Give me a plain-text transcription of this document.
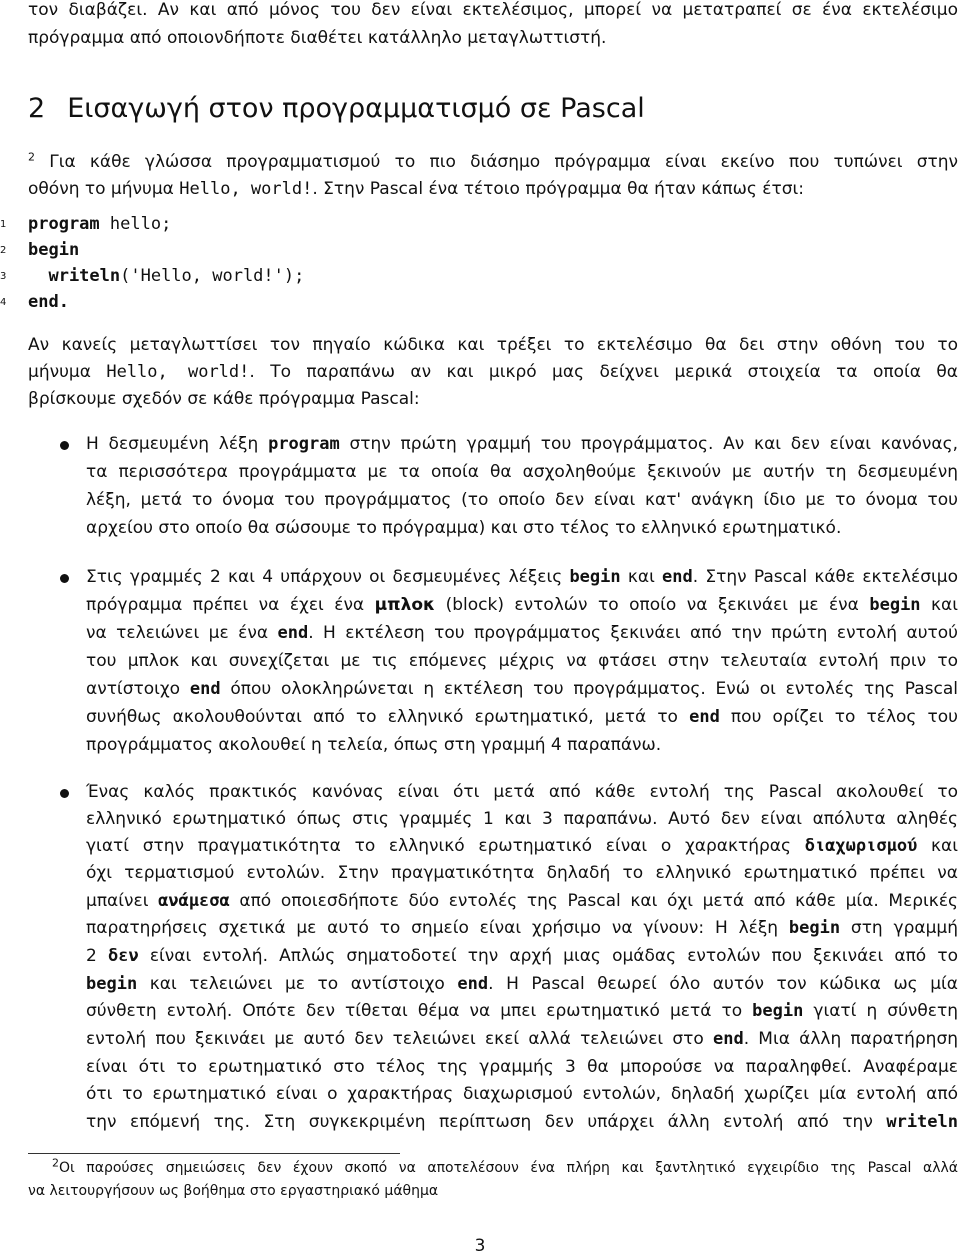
τον διαβάζει. Αν και από μόνος του δεν είναι εκτελέσιμος, μπορεί να μετατραπεί σε ένα εκτελέσιμο
πρόγραμμα από οποιονδήποτε διαθέτει κατάλληλο μεταγλωττιστή.
2 Εισαγωγή στον προγραμματισμό σε Pascal
$^2$ Για κάθε γλώσσα προγραμματισμού το πιο διάσημο πρόγραμμα είναι εκείνο που τυπώνει στην
οθόνη το μήνυμα Hello, world!. Στην Pascal ένα τέτοιο πρόγραμμα θα ήταν κάπως έτσι:
1	program hello;
2	begin
3	writeln('Hello, world!');
4	end.
Αν κανείς μεταγλωττίσει τον πηγαίο κώδικα και τρέξει το εκτελέσιμο θα δει στην οθόνη του το
μήνυμα Hello, world!. Το παραπάνω αν και μικρό μας δείχνει μερικά στοιχεία τα οποία θα
βρίσκουμε σχεδόν σε κάθε πρόγραμμα Pascal:
Η δεσμευμένη λέξη program στην πρώτη γραμμή του προγράμματος. Αν και δεν είναι κανόνας,
τα περισσότερα προγράμματα με τα οποία θα ασχοληθούμε ξεκινούν με αυτήν τη δεσμευμένη
λέξη, μετά το όνομα του προγράμματος (το οποίο δεν είναι κατ' ανάγκη ίδιο με το όνομα του
αρχείου στο οποίο θα σώσουμε το πρόγραμμα) και στο τέλος το ελληνικό ερωτηματικό.
Στις γραμμές 2 και 4 υπάρχουν οι δεσμευμένες λέξεις begin και end. Στην Pascal κάθε εκτελέσιμο
πρόγραμμα πρέπει να έχει ένα μπλοκ (block) εντολών το οποίο να ξεκινάει με ένα begin και
να τελειώνει με ένα end. Η εκτέλεση του προγράμματος ξεκινάει από την πρώτη εντολή αυτού
του μπλοκ και συνεχίζεται με τις επόμενες μέχρις να φτάσει στην τελευταία εντολή πριν το
αντίστοιχο end όπου ολοκληρώνεται η εκτέλεση του προγράμματος. Ενώ οι εντολές της Pascal
συνήθως ακολουθούνται από το ελληνικό ερωτηματικό, μετά το end που ορίζει το τέλος του
προγράμματος ακολουθεί η τελεία, όπως στη γραμμή 4 παραπάνω.
Ένας καλός πρακτικός κανόνας είναι ότι μετά από κάθε εντολή της Pascal ακολουθεί το
ελληνικό ερωτηματικό όπως στις γραμμές 1 και 3 παραπάνω. Αυτό δεν είναι απόλυτα αληθές
γιατί στην πραγματικότητα το ελληνικό ερωτηματικό είναι ο χαρακτήρας διαχωρισμού και
όχι τερματισμού εντολών. Στην πραγματικότητα δηλαδή το ελληνικό ερωτηματικό πρέπει να
μπαίνει ανάμεσα από οποιεσδήποτε δύο εντολές της Pascal και όχι μετά από κάθε μία. Μερικές
παρατηρήσεις σχετικά με αυτό το σημείο είναι χρήσιμο να γίνουν: Η λέξη begin στη γραμμή
2 δεν είναι εντολή. Απλώς σηματοδοτεί την αρχή μιας ομάδας εντολών που ξεκινάει από το
begin και τελειώνει με το αντίστοιχο end. Η Pascal θεωρεί όλο αυτόν τον κώδικα ως μία
σύνθετη εντολή. Οπότε δεν τίθεται θέμα να μπει ερωτηματικό μετά το begin γιατί η σύνθετη
εντολή που ξεκινάει με αυτό δεν τελειώνει εκεί αλλά τελειώνει στο end. Μια άλλη παρατήρηση
είναι ότι το ερωτηματικό στο τέλος της γραμμής 3 θα μπορούσε να παραληφθεί. Αναφέραμε
ότι το ερωτηματικό είναι ο χαρακτήρας διαχωρισμού εντολών, δηλαδή χωρίζει μία εντολή από
την επόμενή της. Στη συγκεκριμένη περίπτωση δεν υπάρχει άλλη εντολή από την writeln
$^2$Οι παρούσες σημειώσεις δεν έχουν σκοπό να αποτελέσουν ένα πλήρη και ξαντλητικό εγχειρίδιο της Pascal αλλά
να λειτουργήσουν ως βοήθημα στο εργαστηριακό μάθημα
3
